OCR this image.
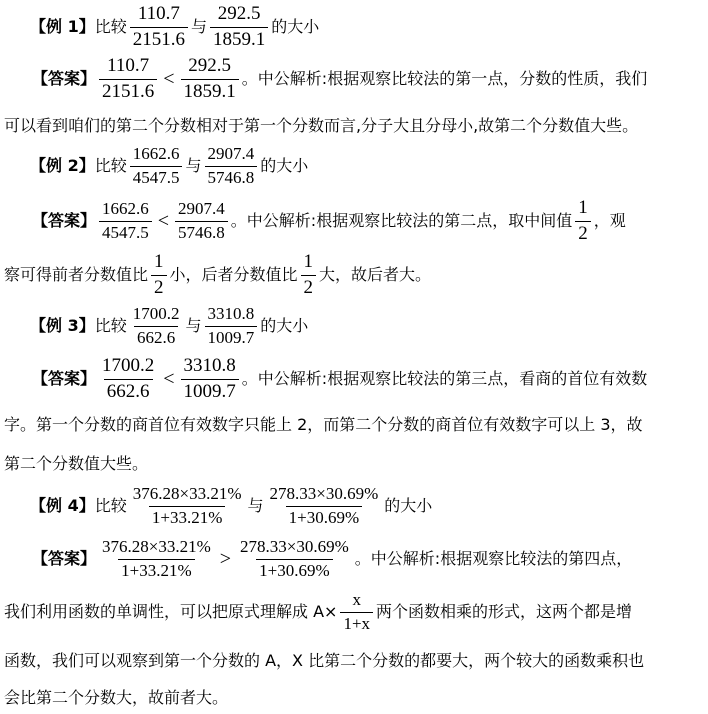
【例 1】 比较
110.7
2151.6
与
292.5
1859.1
的大小
【答案】
110.7
2151.6
<
292.5
1859.1
。中公解析:根据观察比较法的第一点，分数的性质，我们
可以看到咱们的第二个分数相对于第一个分数而言,分子大且分母小,故第二个分数值大些。
【例 2】 比较
1662.6
4547.5
与
2907.4
5746.8
的大小
【答案】
1662.6
4547.5 <
2907.4
5746.8
。中公解析:根据观察比较法的第二点，取中间值
1
2
，观
察可得前者分数值比
1
2
小，后者分数值比
1
2
大，故后者大。
【例 3】 比较
1700.2
662.6
与
3310.8
1009.7
的大小
【答案】
1700.2
662.6
<
3310.8
1009.7
。中公解析:根据观察比较法的第三点，看商的首位有效数
字。第一个分数的商首位有效数字只能上 2，而第二个分数的商首位有效数字可以上 3，故
第二个分数值大些。
【例 4】 比较
376.28×33.21%
1+33.21%
与
278.33×30.69%
1+30.69%
的大小
【答案】
376.28×33.21%
1+33.21% >
278.33×30.69%
1+30.69%
。中公解析:根据观察比较法的第四点，
我们利用函数的单调性，可以把原式理解成 $A\times \frac{x}{1+x}$ 两个函数相乘的形式，这两个都是增
函数，我们可以观察到第一个分数的 A，X 比第二个分数的都要大，两个较大的函数乘积也
会比第二个分数大，故前者大。
